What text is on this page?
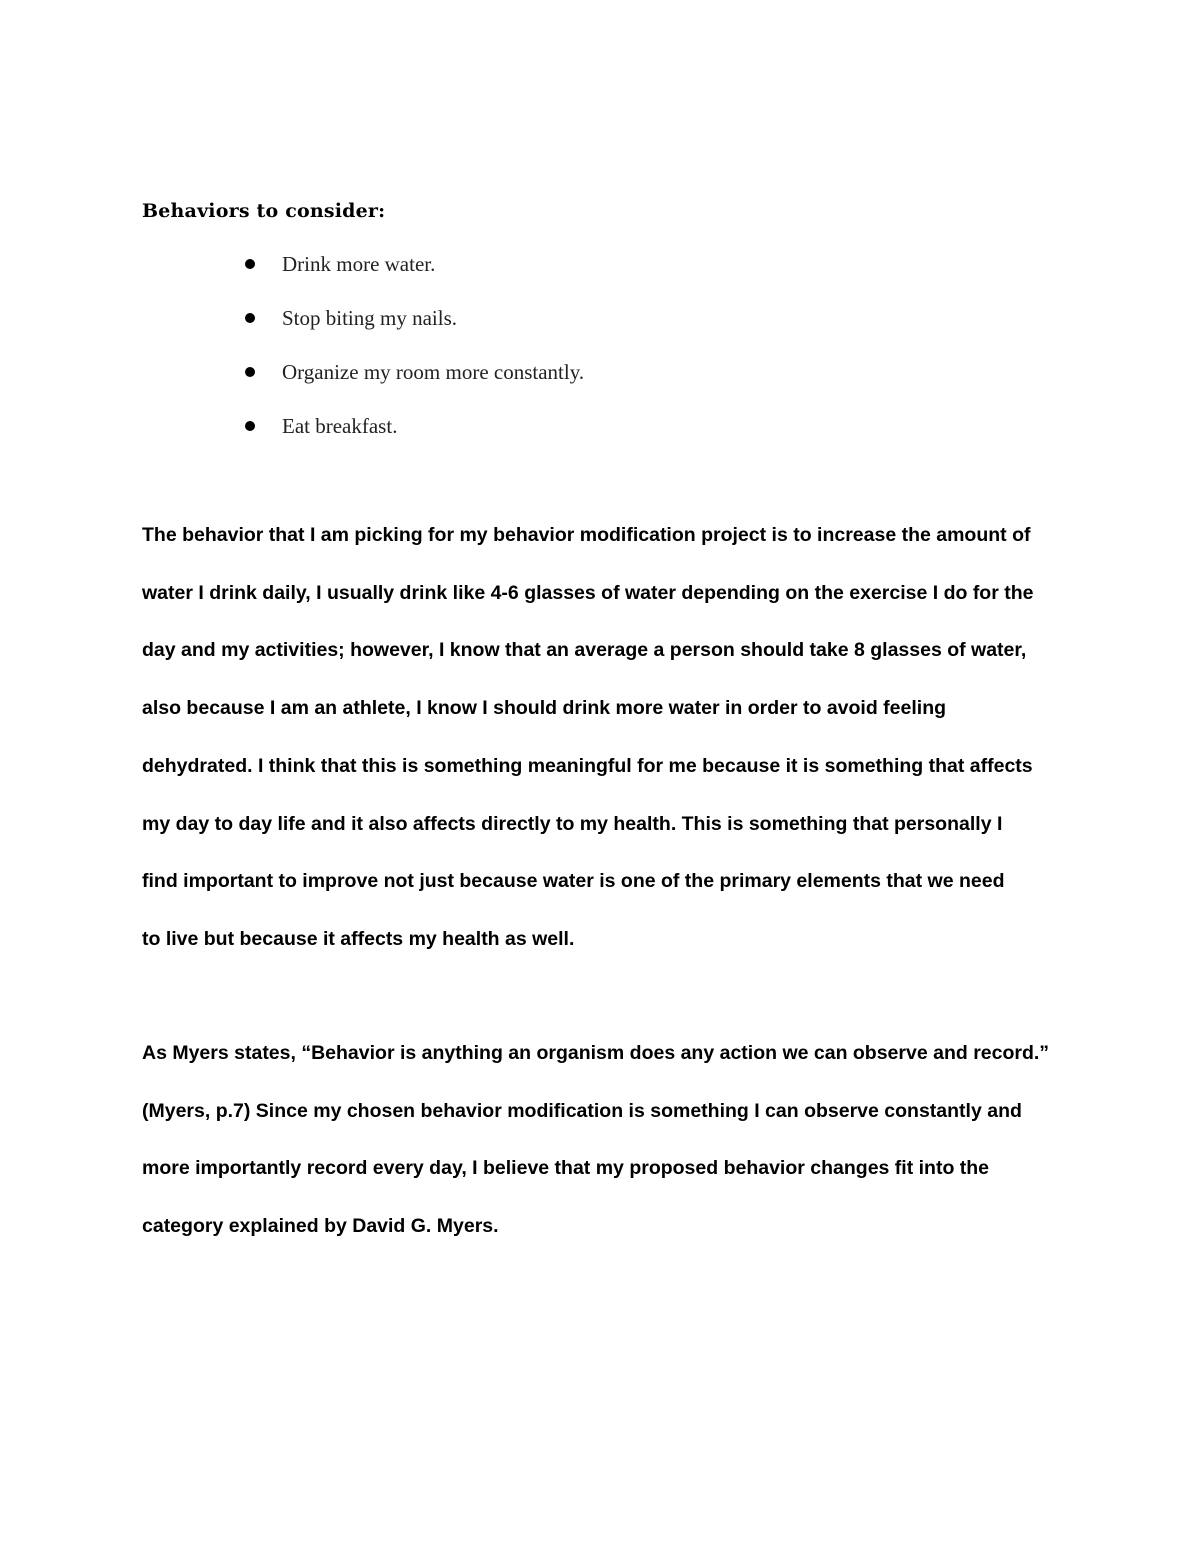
Behaviors to consider:
Drink more water.
Stop biting my nails.
Organize my room more constantly.
Eat breakfast.

The behavior that I am picking for my behavior modification project is to increase the amount of
water I drink daily, I usually drink like 4-6 glasses of water depending on the exercise I do for the
day and my activities; however, I know that an average a person should take 8 glasses of water,
also because I am an athlete, I know I should drink more water in order to avoid feeling
dehydrated. I think that this is something meaningful for me because it is something that affects
my day to day life and it also affects directly to my health. This is something that personally I
find important to improve not just because water is one of the primary elements that we need
to live but because it affects my health as well.

As Myers states, “Behavior is anything an organism does any action we can observe and record.”
(Myers, p.7) Since my chosen behavior modification is something I can observe constantly and
more importantly record every day, I believe that my proposed behavior changes fit into the
category explained by David G. Myers.
